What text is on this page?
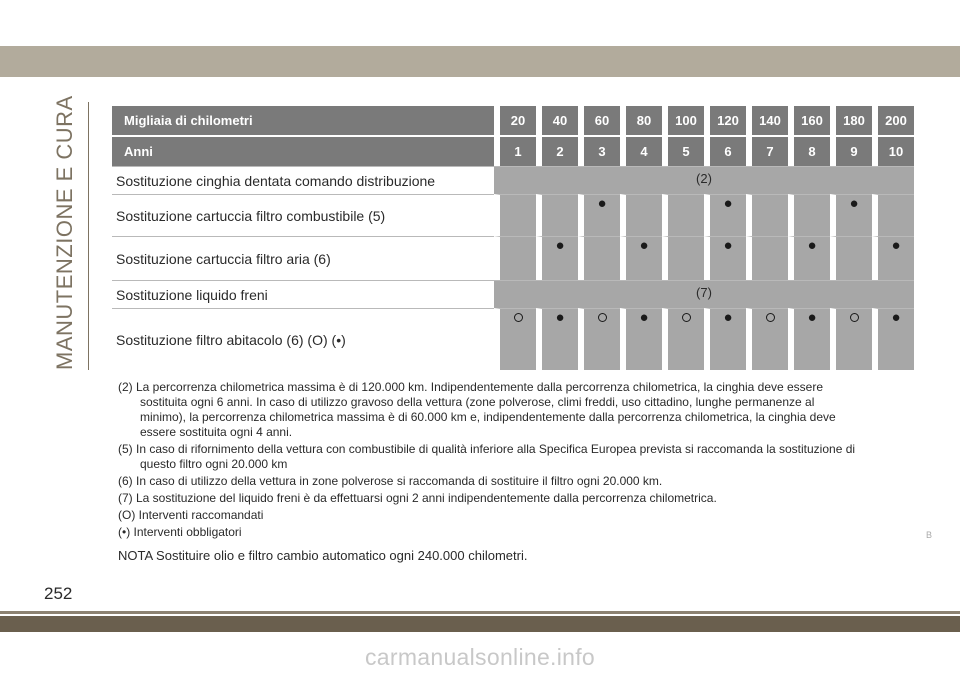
MANUTENZIONE E CURA	Migliaia di chilometri	20	40	60	80	100	120	140	160	180	200
Anni	1	2	3	4	5	6	7	8	9	10
Sostituzione cinghia dentata comando distribuzione	(2)									
Sostituzione cartuccia filtro combustibile (5)			●			●			●	
Sostituzione cartuccia filtro aria (6)		●		●		●		●		●
Sostituzione liquido freni	(7)									
Sostituzione filtro abitacolo (6) (O) (•)		●		●		●		●		●
(2) La percorrenza chilometrica massima è di 120.000 km. Indipendentemente dalla percorrenza chilometrica, la cinghia deve essere
sostituita ogni 6 anni. In caso di utilizzo gravoso della vettura (zone polverose, climi freddi, uso cittadino, lunghe permanenze al
minimo), la percorrenza chilometrica massima è di 60.000 km e, indipendentemente dalla percorrenza chilometrica, la cinghia deve
essere sostituita ogni 4 anni.
(5) In caso di rifornimento della vettura con combustibile di qualità inferiore alla Specifica Europea prevista si raccomanda la sostituzione di
questo filtro ogni 20.000 km
(6) In caso di utilizzo della vettura in zone polverose si raccomanda di sostituire il filtro ogni 20.000 km.
(7) La sostituzione del liquido freni è da effettuarsi ogni 2 anni indipendentemente dalla percorrenza chilometrica.
(O) Interventi raccomandati
(•) Interventi obbligatori
NOTA Sostituire olio e filtro cambio automatico ogni 240.000 chilometri.
252
B
carmanualsonline.info
